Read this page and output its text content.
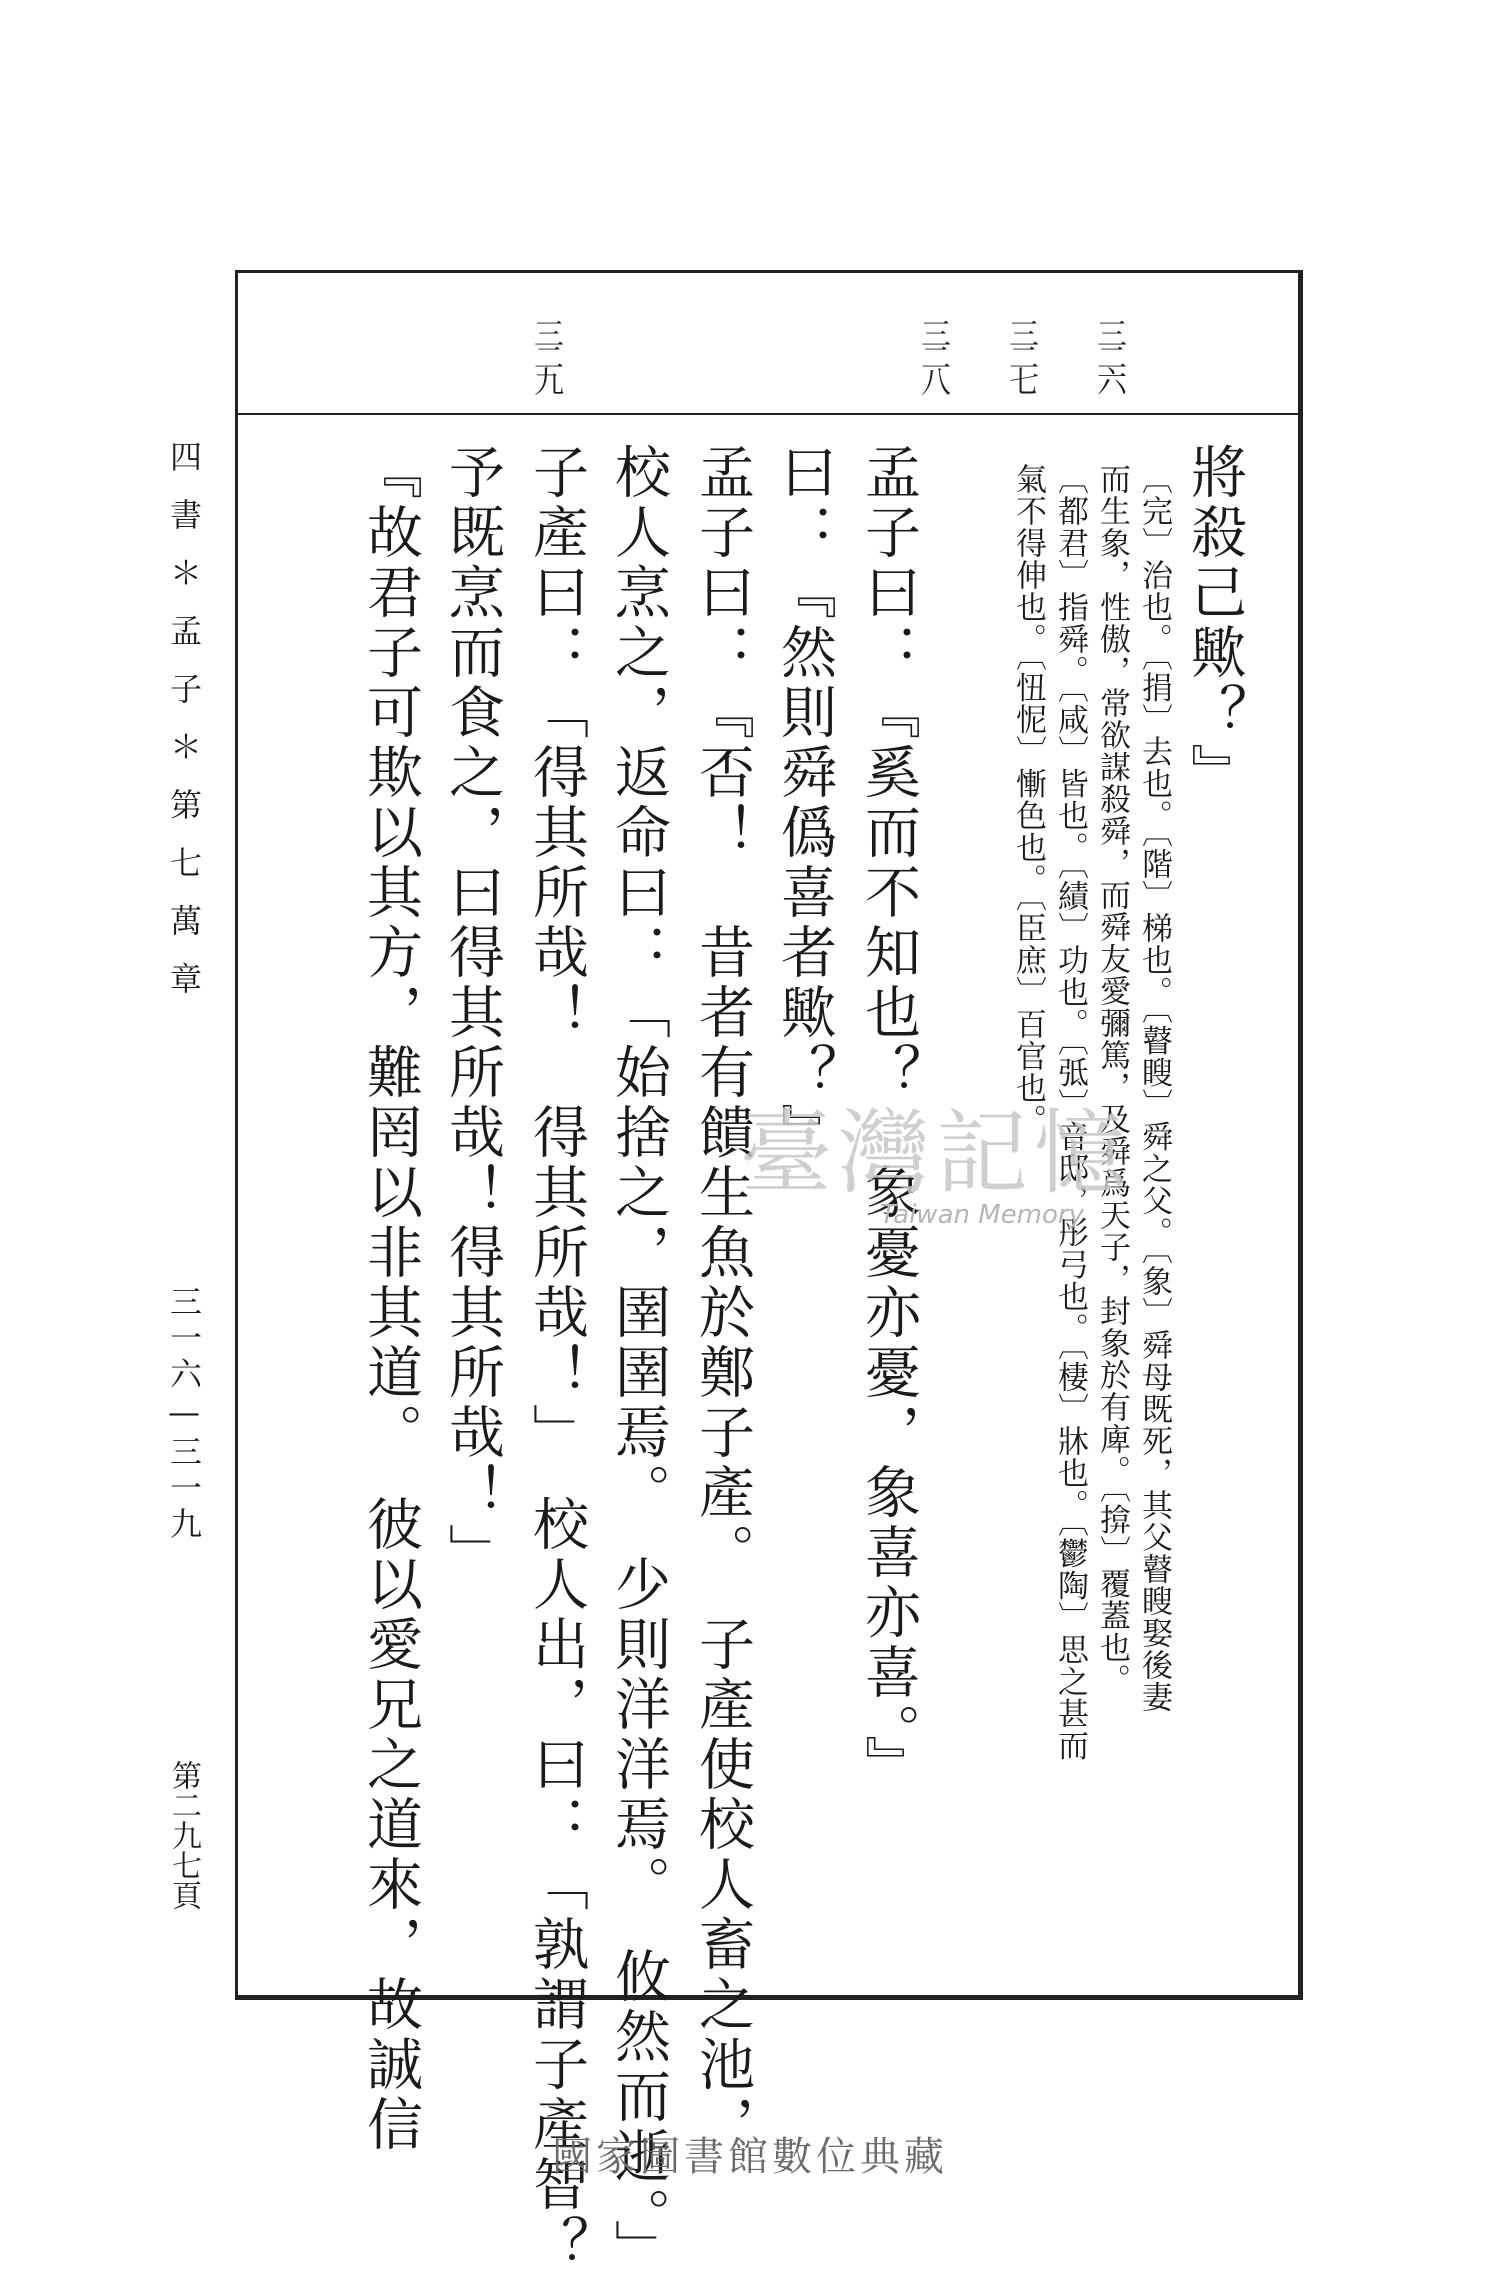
三二六
三二七
三二八
三二九
將殺己歟？』
〔完〕治也。〔捐〕去也。〔階〕梯也。〔瞽瞍〕舜之父。〔象〕舜母既死，其父瞽瞍娶後妻
而生象，性傲，常欲謀殺舜，而舜友愛彌篤，及舜爲天子，封象於有庳。〔揜〕覆蓋也。
〔都君〕指舜。〔咸〕皆也。〔績〕功也。〔弤〕音邸，彤弓也。〔棲〕牀也。〔鬱陶〕思之甚而
氣不得伸也。〔忸怩〕慚色也。〔臣庶〕百官也。
孟子曰：『奚而不知也？　象憂亦憂，象喜亦喜。』
曰：『然則舜僞喜者歟？』
孟子曰：『否！　昔者有饋生魚於鄭子產。　子產使校人畜之池，
校人烹之，返命曰：「始捨之，圉圉焉。　少則洋洋焉。　攸然而逝。」
子產曰：「得其所哉！　得其所哉！」　校人出，曰：「孰謂子產智？
予既烹而食之，曰得其所哉！得其所哉！」
『故君子可欺以其方，難罔以非其道。　彼以愛兄之道來，故誠信
四書＊孟子＊第七萬章
三一六—三一九
第二九七頁
臺灣記憶
Taiwan Memory
國家圖書館數位典藏
